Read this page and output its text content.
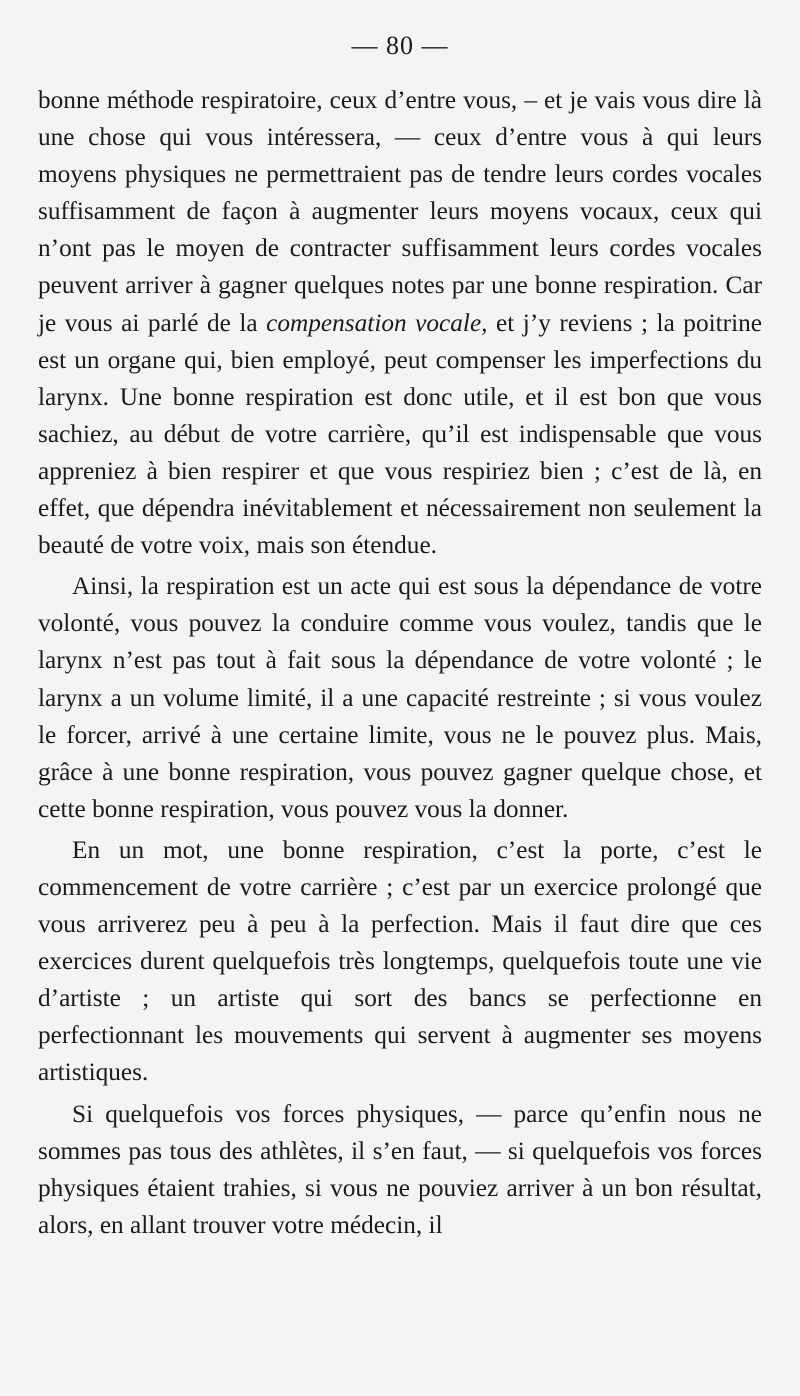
— 80 —

bonne méthode respiratoire, ceux d’entre vous, – et je vais vous dire là une chose qui vous intéressera, — ceux d’entre vous à qui leurs moyens physiques ne permettraient pas de tendre leurs cordes vocales suffisamment de façon à augmenter leurs moyens vocaux, ceux qui n’ont pas le moyen de contracter suffisamment leurs cordes vocales peuvent arriver à gagner quelques notes par une bonne respiration. Car je vous ai parlé de la compensation vocale, et j’y reviens ; la poitrine est un organe qui, bien employé, peut compenser les imperfections du larynx. Une bonne respiration est donc utile, et il est bon que vous sachiez, au début de votre carrière, qu’il est indispensable que vous appreniez à bien respirer et que vous respiriez bien ; c’est de là, en effet, que dépendra inévitablement et nécessairement non seulement la beauté de votre voix, mais son étendue.

Ainsi, la respiration est un acte qui est sous la dépendance de votre volonté, vous pouvez la conduire comme vous voulez, tandis que le larynx n’est pas tout à fait sous la dépendance de votre volonté ; le larynx a un volume limité, il a une capacité restreinte ; si vous voulez le forcer, arrivé à une certaine limite, vous ne le pouvez plus. Mais, grâce à une bonne respiration, vous pouvez gagner quelque chose, et cette bonne respiration, vous pouvez vous la donner.

En un mot, une bonne respiration, c’est la porte, c’est le commencement de votre carrière ; c’est par un exercice prolongé que vous arriverez peu à peu à la perfection. Mais il faut dire que ces exercices durent quelquefois très longtemps, quelquefois toute une vie d’artiste ; un artiste qui sort des bancs se perfectionne en perfectionnant les mouvements qui servent à augmenter ses moyens artistiques.

Si quelquefois vos forces physiques, — parce qu’enfin nous ne sommes pas tous des athlètes, il s’en faut, — si quelquefois vos forces physiques étaient trahies, si vous ne pouviez arriver à un bon résultat, alors, en allant trouver votre médecin, il
